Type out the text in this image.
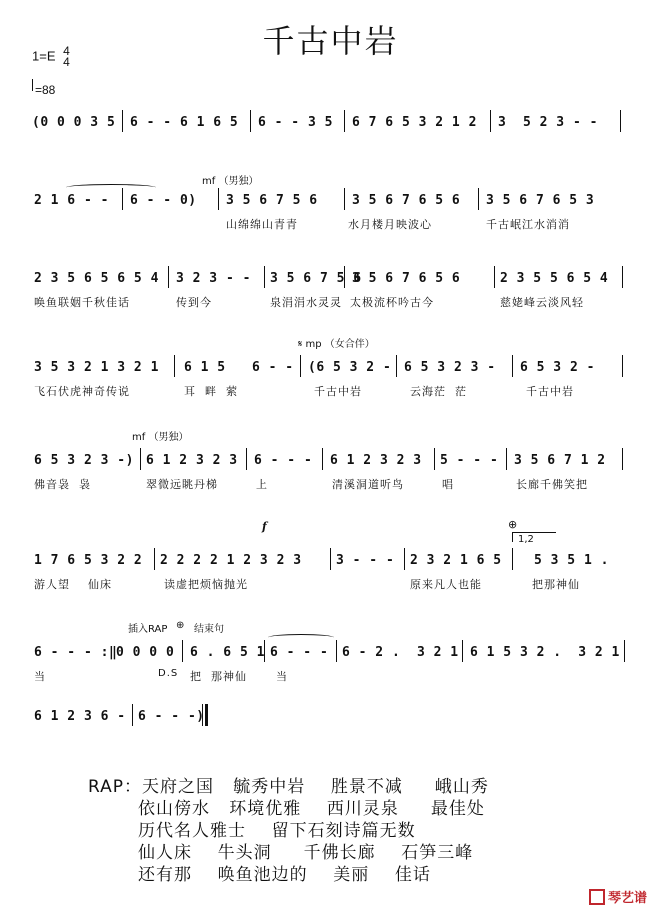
千古中岩
1=E 4
4
=88
(0 0 0 3 5 6 - - 6 1 6 5 6 - - 3 5 6 7 6 5 3 2 1 2 3  5 2 3 - -
mf （男独）
2 1 6 - - 6 - - 0) 3 5 6 7 5 6	3 5 6 7 6 5 6 3 5 6 7 6 5 3
山绵绵山青青	水月楼月映波心	千古岷江水消消
2 3 5 6 5 6 5 4 3 2 3 - - 3 5 6 7 5 6
3 5 6 7 6 5 6	2 3 5 5 6 5 4
唤鱼联姻千秋佳话	传到今	泉涓涓水灵灵 太极流杯吟古今	慈姥峰云淡风轻
𝄋 mp （女合伴）
3 5 3 2 1 3 2 1 6 1 5 6 - - (6 5 3 2 - 6 5 3 2 3 - 6 5 3 2 -
飞石伏虎神奇传说	耳  畔  萦	千古中岩	云海茫  茫	千古中岩
mf （男独）
6 5 3 2 3 -) 6 1 2 3 2 3 6 - - - 6 1 2 3 2 3 5 - - - 3 5 6 7 1 2
佛音袅  袅	翠微远眺丹梯	上	清溪洞道听鸟	唱	长廊千佛笑把
f	⊕
1,2
1 7 6 5 3 2 2 2 2 2 2 1 2 3 2 3	3 - - - 2 3 2 1 6 5 5 3 5 1 .
游人望    仙床	读虚把烦恼抛光	原来凡人也能	把那神仙
插入RAP ⊕ 结束句
6 - - - :‖
0 0 0 0 6 . 6 5 1 6 - - - 6 - 2 .  3 2 1 6 1 5 3 2 .  3 2 1
当	D.S 把  那神仙	当
6 1 2 3 6 - 6 - - -)
RAP：天府之国   毓秀中岩    胜景不减     峨山秀
依山傍水   环境优雅    西川灵泉     最佳处
历代名人雅士    留下石刻诗篇无数
仙人床    牛头洞     千佛长廊    石笋三峰
还有那    唤鱼池边的    美丽    佳话
琴艺谱
